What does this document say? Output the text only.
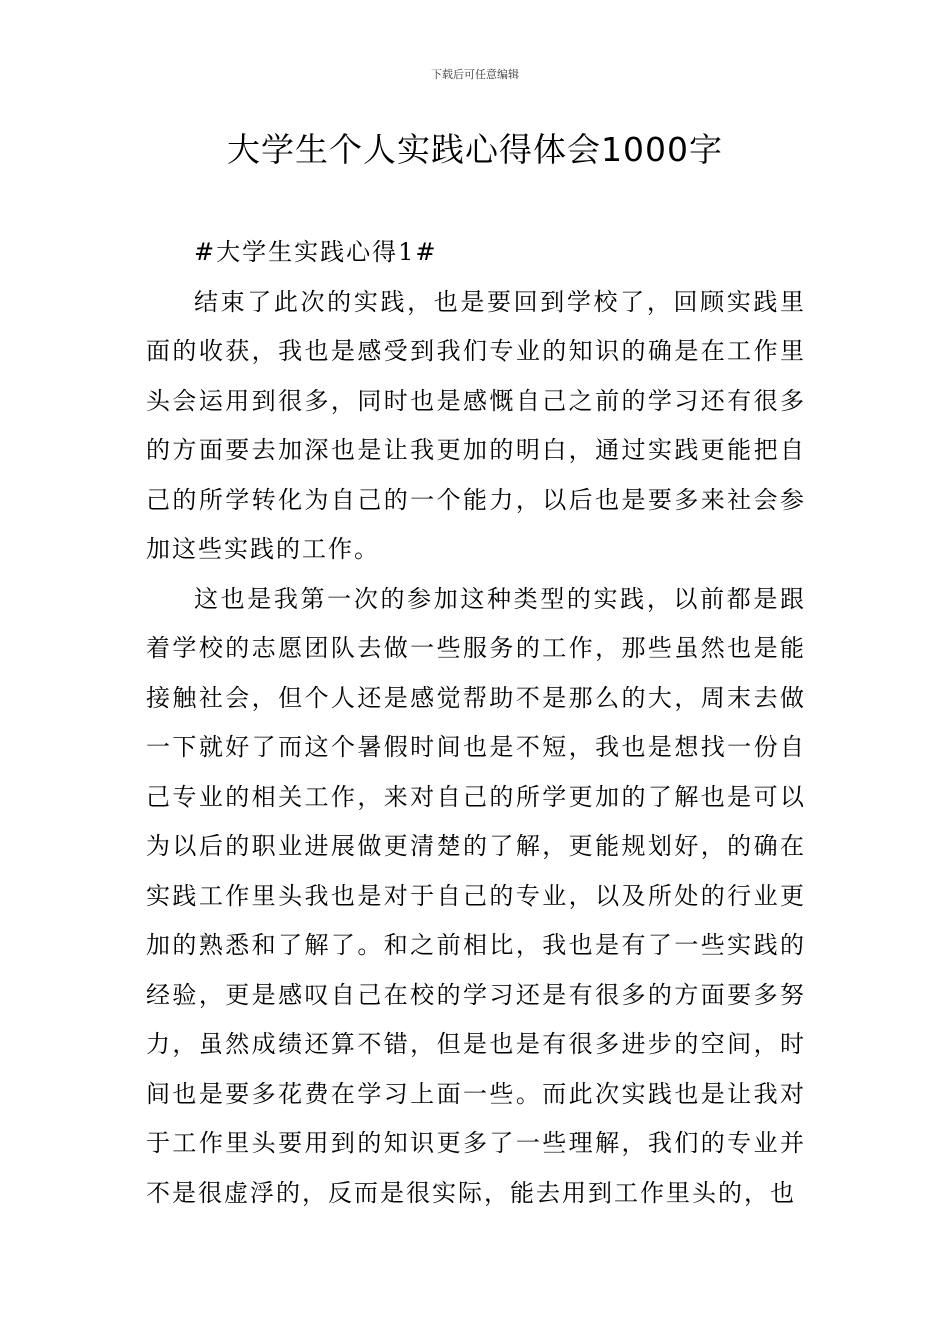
下载后可任意编辑
大学生个人实践心得体会1000字

#大学生实践心得1#

结束了此次的实践，也是要回到学校了，回顾实践里面的收获，我也是感受到我们专业的知识的确是在工作里头会运用到很多，同时也是感慨自己之前的学习还有很多的方面要去加深也是让我更加的明白，通过实践更能把自己的所学转化为自己的一个能力，以后也是要多来社会参加这些实践的工作。

这也是我第一次的参加这种类型的实践，以前都是跟着学校的志愿团队去做一些服务的工作，那些虽然也是能接触社会，但个人还是感觉帮助不是那么的大，周末去做一下就好了而这个暑假时间也是不短，我也是想找一份自己专业的相关工作，来对自己的所学更加的了解也是可以为以后的职业进展做更清楚的了解，更能规划好，的确在实践工作里头我也是对于自己的专业，以及所处的行业更加的熟悉和了解了。和之前相比，我也是有了一些实践的经验，更是感叹自己在校的学习还是有很多的方面要多努力，虽然成绩还算不错，但是也是有很多进步的空间，时间也是要多花费在学习上面一些。而此次实践也是让我对于工作里头要用到的知识更多了一些理解，我们的专业并不是很虚浮的，反而是很实际，能去用到工作里头的，也
